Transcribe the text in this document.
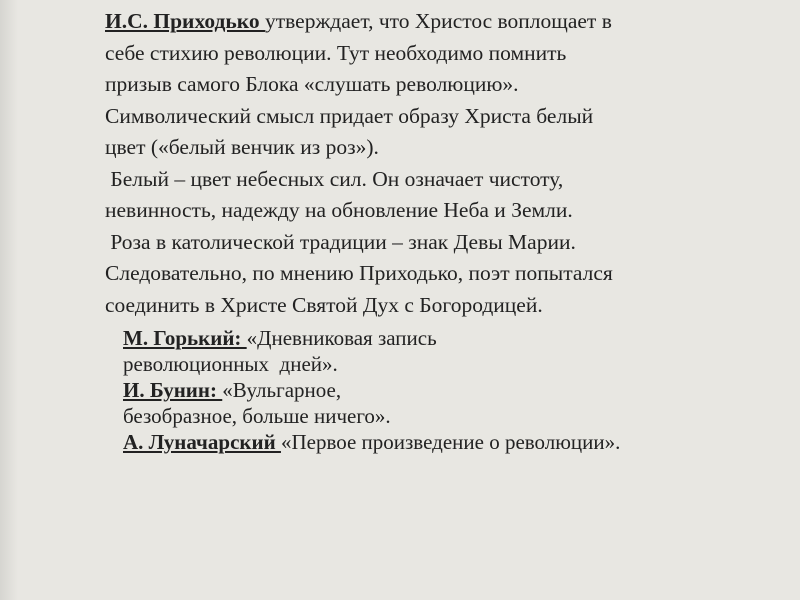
И.С. Приходько утверждает, что Христос воплощает в
себе стихию революции. Тут необходимо помнить
призыв самого Блока «слушать революцию».
Символический смысл придает образу Христа белый
цвет («белый венчик из роз»).

Белый – цвет небесных сил. Он означает чистоту,
невинность, надежду на обновление Неба и Земли.

Роза в католической традиции – знак Девы Марии.
Следовательно, по мнению Приходько, поэт попытался
соединить в Христе Святой Дух с Богородицей.

М. Горький: «Дневниковая запись
революционных  дней».

И. Бунин: «Вульгарное,
безобразное, больше ничего».

А. Луначарский «Первое произведение о революции».
